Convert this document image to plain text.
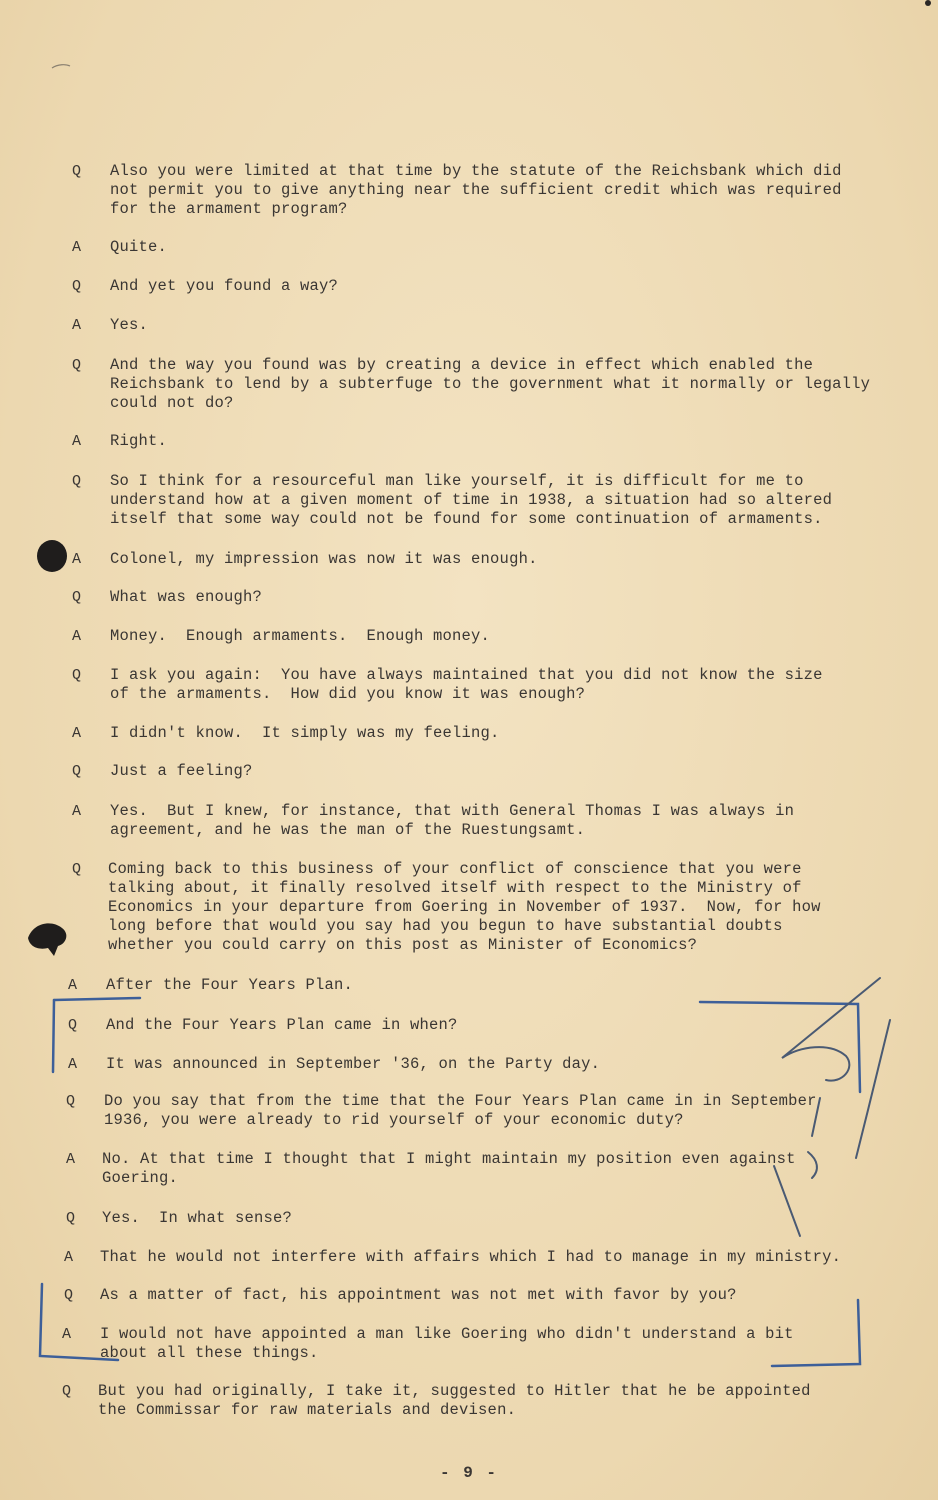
Q	Also you were limited at that time by the statute of the Reichsbank which did
not permit you to give anything near the sufficient credit which was required
for the armament program?
A	Quite.
Q	And yet you found a way?
A	Yes.
Q	And the way you found was by creating a device in effect which enabled the
Reichsbank to lend by a subterfuge to the government what it normally or legally
could not do?
A	Right.
Q	So I think for a resourceful man like yourself, it is difficult for me to
understand how at a given moment of time in 1938, a situation had so altered
itself that some way could not be found for some continuation of armaments.
A	Colonel, my impression was now it was enough.
Q	What was enough?
A	Money.  Enough armaments.  Enough money.
Q	I ask you again:  You have always maintained that you did not know the size
of the armaments.  How did you know it was enough?
A	I didn't know.  It simply was my feeling.
Q	Just a feeling?
A	Yes.  But I knew, for instance, that with General Thomas I was always in
agreement, and he was the man of the Ruestungsamt.
Q	Coming back to this business of your conflict of conscience that you were
talking about, it finally resolved itself with respect to the Ministry of
Economics in your departure from Goering in November of 1937.  Now, for how
long before that would you say had you begun to have substantial doubts
whether you could carry on this post as Minister of Economics?
A	After the Four Years Plan.
Q	And the Four Years Plan came in when?
A	It was announced in September '36, on the Party day.
Q	Do you say that from the time that the Four Years Plan came in in September
1936, you were already to rid yourself of your economic duty?
A	No. At that time I thought that I might maintain my position even against
Goering.
Q	Yes.  In what sense?
A	That he would not interfere with affairs which I had to manage in my ministry.
Q	As a matter of fact, his appointment was not met with favor by you?
A	I would not have appointed a man like Goering who didn't understand a bit
about all these things.
Q	But you had originally, I take it, suggested to Hitler that he be appointed
the Commissar for raw materials and devisen.
- 9 -
